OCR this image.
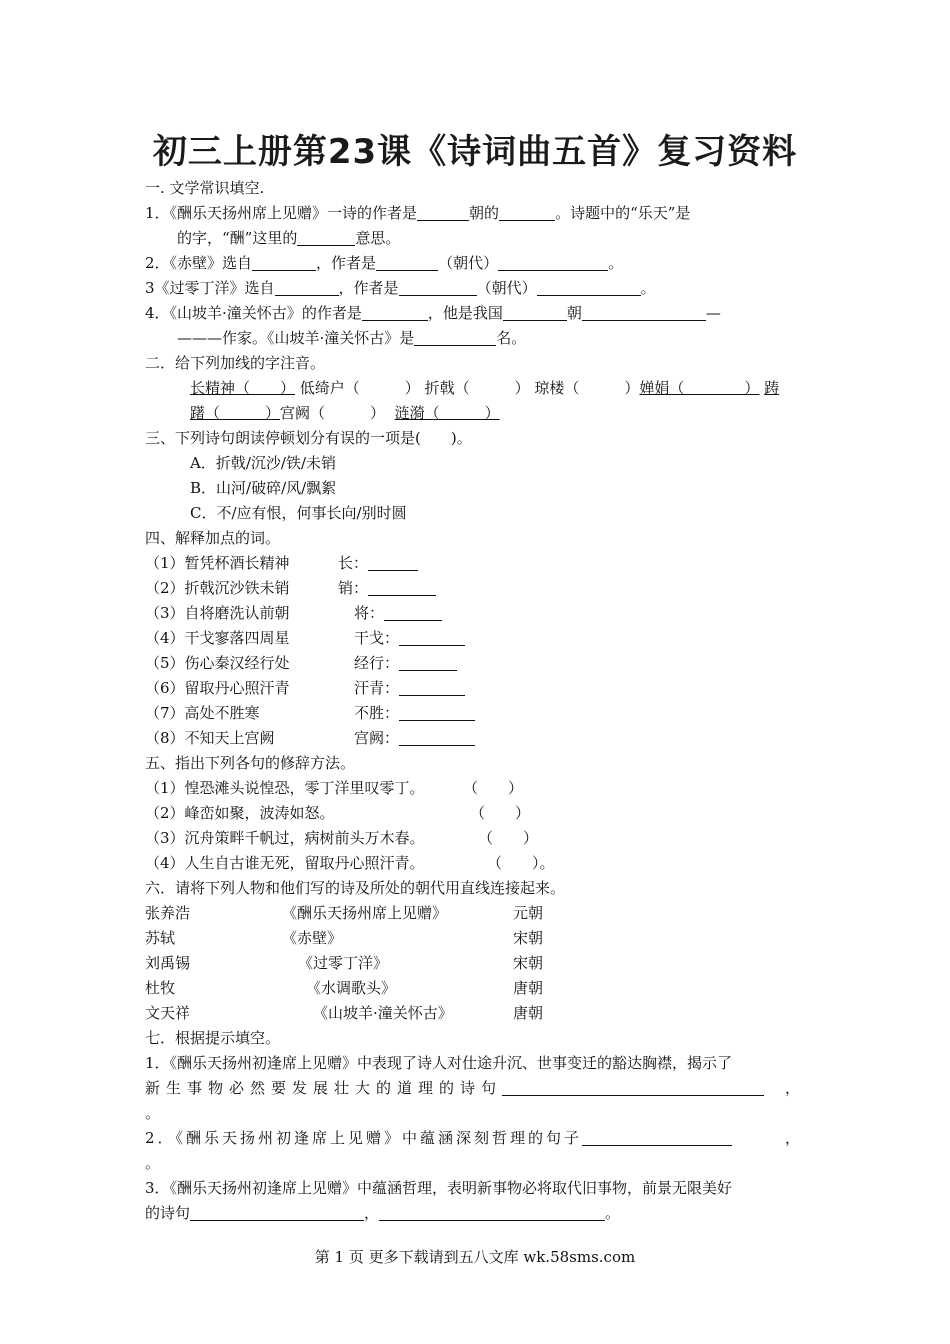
初三上册第23课《诗词曲五首》复习资料
一. 文学常识填空.
1．《酬乐天扬州席上见赠》一诗的作者是	朝的	。诗题中的“乐天”是
的字，“酬”这里的	意思。
2．《赤壁》选自	，作者是	（朝代）	。
3《过零丁洋》选自	，作者是	（朝代）	。
4．《山坡羊·潼关怀古》的作者是	，他是我国	朝	—
———作家。《山坡羊·潼关怀古》是	名。
二．给下列加线的字注音。
长精神（　　） 低绮户（　　　） 折戟（　　　） 琼楼（　　　）婵娟（　　　　） 踌
躇（　　　）宫阙（　　　） 涟漪（　　　）
三、下列诗句朗读停顿划分有误的一项是(　　)。
A．折戟/沉沙/铁/未销
B．山河/破碎/风/飘絮
C．不/应有恨，何事长向/别时圆
四、解释加点的词。
（1）暂凭杯酒长精神	长：
（2）折戟沉沙铁未销	销：
（3）自将磨洗认前朝	将：
（4）干戈寥落四周星	干戈：
（5）伤心秦汉经行处	经行：
（6）留取丹心照汗青	汗青：
（7）高处不胜寒	不胜：
（8）不知天上宫阙	宫阙：
五、指出下列各句的修辞方法。
（1）惶恐滩头说惶恐，零丁洋里叹零丁。	（　　）
（2）峰峦如聚，波涛如怒。	（　　）
（3）沉舟策畔千帆过，病树前头万木春。	（　　）
（4）人生自古谁无死，留取丹心照汗青。	（　　）。
六．请将下列人物和他们写的诗及所处的朝代用直线连接起来。
张养浩	《酬乐天扬州席上见赠》	元朝
苏轼	《赤壁》	宋朝
刘禹锡	《过零丁洋》	宋朝
杜牧	《水调歌头》	唐朝
文天祥	《山坡羊·潼关怀古》	唐朝
七．根据提示填空。
1．《酬乐天扬州初逢席上见赠》中表现了诗人对仕途升沉、世事变迁的豁达胸襟，揭示了
新生事物必然要发展壮大的道理的诗句	，
。
2．《酬乐天扬州初逢席上见赠》中蕴涵深刻哲理的句子	，
。
3．《酬乐天扬州初逢席上见赠》中蕴涵哲理，表明新事物必将取代旧事物，前景无限美好
的诗句	，	。
第 1 页 更多下载请到五八文库 wk.58sms.com
